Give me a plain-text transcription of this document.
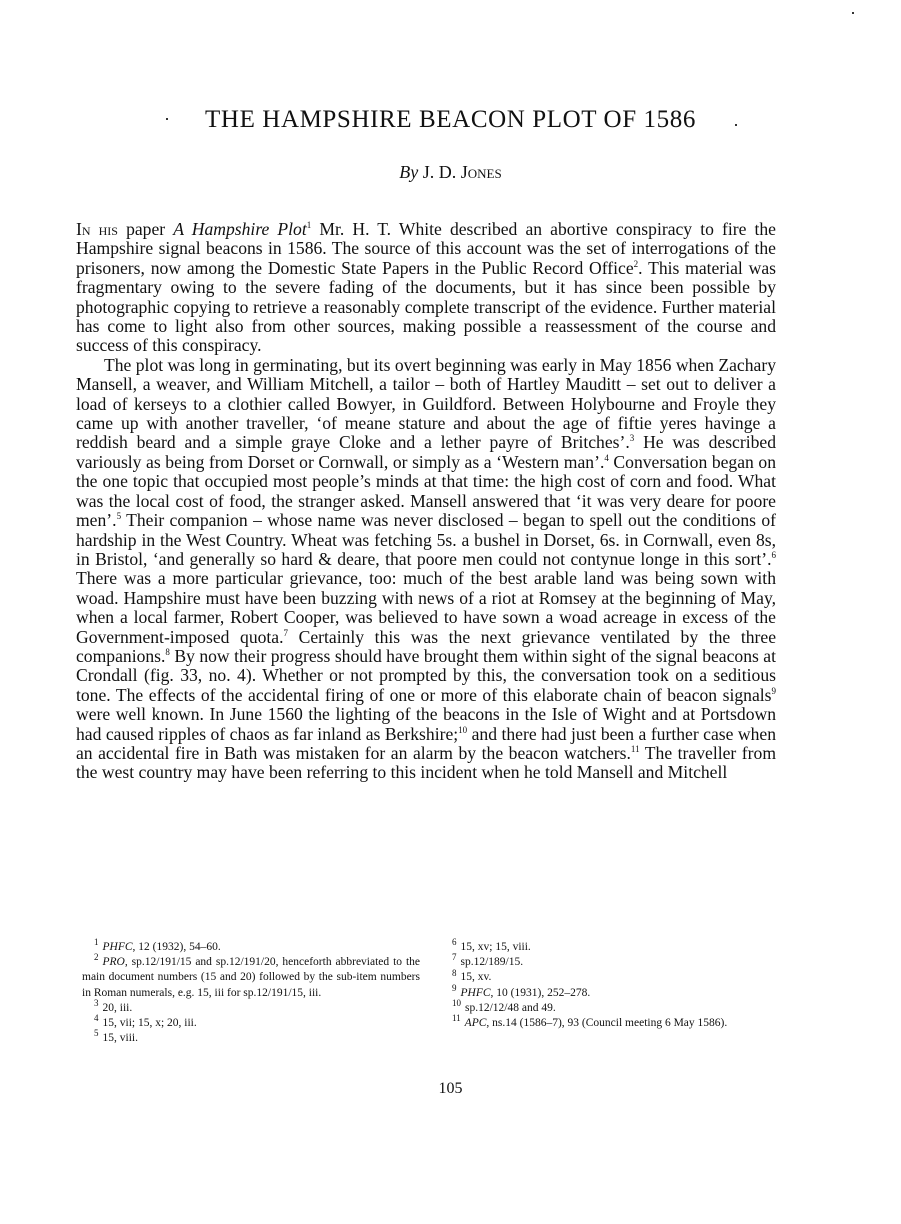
THE HAMPSHIRE BEACON PLOT OF 1586
By J. D. Jones

In his paper A Hampshire Plot$^1$ Mr. H. T. White described an abortive conspiracy to fire the Hampshire signal beacons in 1586. The source of this account was the set of interrogations of the prisoners, now among the Domestic State Papers in the Public Record Office$^2$. This material was fragmentary owing to the severe fading of the documents, but it has since been possible by photographic copying to retrieve a reasonably complete transcript of the evidence. Further material has come to light also from other sources, making possible a reassessment of the course and success of this conspiracy.

The plot was long in germinating, but its overt beginning was early in May 1856 when Zachary Mansell, a weaver, and William Mitchell, a tailor – both of Hartley Mauditt – set out to deliver a load of kerseys to a clothier called Bowyer, in Guildford. Between Holybourne and Froyle they came up with another traveller, ‘of meane stature and about the age of fiftie yeres havinge a reddish beard and a simple graye Cloke and a lether payre of Britches’.$^3$ He was described variously as being from Dorset or Cornwall, or simply as a ‘Western man’.$^4$ Conversation began on the one topic that occupied most people’s minds at that time: the high cost of corn and food. What was the local cost of food, the stranger asked. Mansell answered that ‘it was very deare for poore men’.$^5$ Their companion – whose name was never disclosed – began to spell out the conditions of hardship in the West Country. Wheat was fetching 5s. a bushel in Dorset, 6s. in Cornwall, even 8s, in Bristol, ‘and generally so hard & deare, that poore men could not contynue longe in this sort’.$^6$ There was a more particular grievance, too: much of the best arable land was being sown with woad. Hampshire must have been buzzing with news of a riot at Romsey at the beginning of May, when a local farmer, Robert Cooper, was believed to have sown a woad acreage in excess of the Government-imposed quota.$^7$ Certainly this was the next grievance ventilated by the three companions.$^8$ By now their progress should have brought them within sight of the signal beacons at Crondall (fig. 33, no. 4). Whether or not prompted by this, the conversation took on a seditious tone. The effects of the accidental firing of one or more of this elaborate chain of beacon signals$^9$ were well known. In June 1560 the lighting of the beacons in the Isle of Wight and at Portsdown had caused ripples of chaos as far inland as Berkshire;$^{10}$ and there had just been a further case when an accidental fire in Bath was mistaken for an alarm by the beacon watchers.$^{11}$ The traveller from the west country may have been referring to this incident when he told Mansell and Mitchell

$^1$ PHFC, 12 (1932), 54–60.

$^2$ PRO, sp.12/191/15 and sp.12/191/20, henceforth abbreviated to the main document numbers (15 and 20) followed by the sub-item numbers in Roman numerals, e.g. 15, iii for sp.12/191/15, iii.

$^3$ 20, iii.

$^4$ 15, vii; 15, x; 20, iii.

$^5$ 15, viii.

$^6$ 15, xv; 15, viii.

$^7$ sp.12/189/15.

$^8$ 15, xv.

$^9$ PHFC, 10 (1931), 252–278.

$^{10}$ sp.12/12/48 and 49.

$^{11}$ APC, ns.14 (1586–7), 93 (Council meeting 6 May 1586).

105
